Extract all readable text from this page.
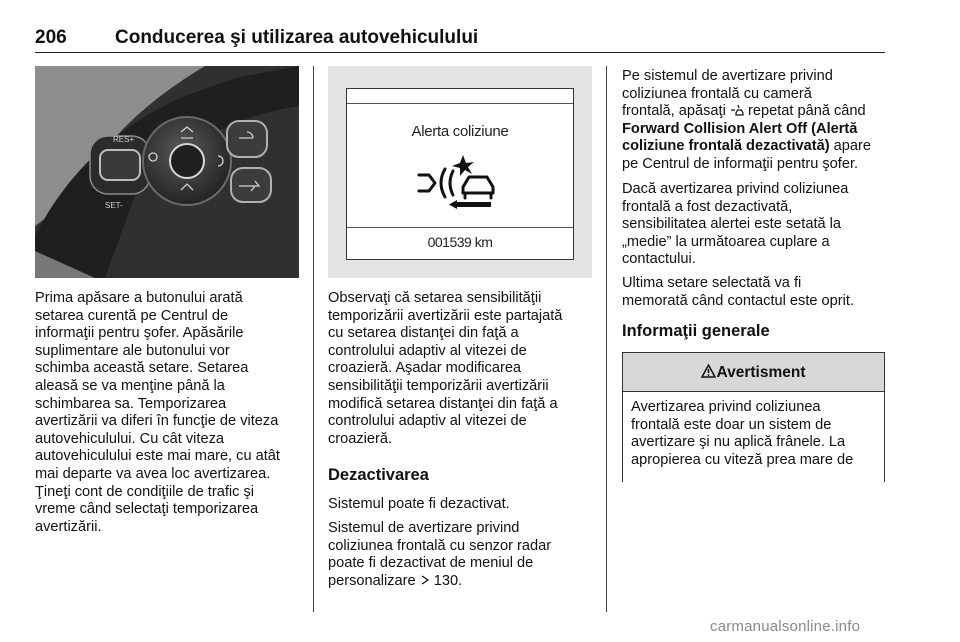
206	Conducerea şi utilizarea autovehiculului
RES+
SET-
Alerta coliziune
001539 km
Prima apăsare a butonului arată
setarea curentă pe Centrul de
informaţii pentru şofer. Apăsările
suplimentare ale butonului vor
schimba această setare. Setarea
aleasă se va menţine până la
schimbarea sa. Temporizarea
avertizării va diferi în funcţie de viteza
autovehiculului. Cu cât viteza
autovehiculului este mai mare, cu atât
mai departe va avea loc avertizarea.
Ţineţi cont de condiţiile de trafic şi
vreme când selectaţi temporizarea
avertizării.
Observaţi că setarea sensibilităţii
temporizării avertizării este partajată
cu setarea distanţei din faţă a
controlului adaptiv al vitezei de
croazieră. Aşadar modificarea
sensibilităţii temporizării avertizării
modifică setarea distanţei din faţă a
controlului adaptiv al vitezei de
croazieră.
Dezactivarea
Sistemul poate fi dezactivat.
Sistemul de avertizare privind
coliziunea frontală cu senzor radar
poate fi dezactivat de meniul de
personalizare 130.
Pe sistemul de avertizare privind
coliziunea frontală cu cameră
frontală, apăsaţi repetat până când
Forward Collision Alert Off (Alertă
coliziune frontală dezactivată) apare
pe Centrul de informaţii pentru şofer.
Dacă avertizarea privind coliziunea
frontală a fost dezactivată,
sensibilitatea alertei este setată la
„medie” la următoarea cuplare a
contactului.
Ultima setare selectată va fi
memorată când contactul este oprit.
Informaţii generale
Avertisment
Avertizarea privind coliziunea
frontală este doar un sistem de
avertizare şi nu aplică frânele. La
apropierea cu viteză prea mare de
carmanualsonline.info
